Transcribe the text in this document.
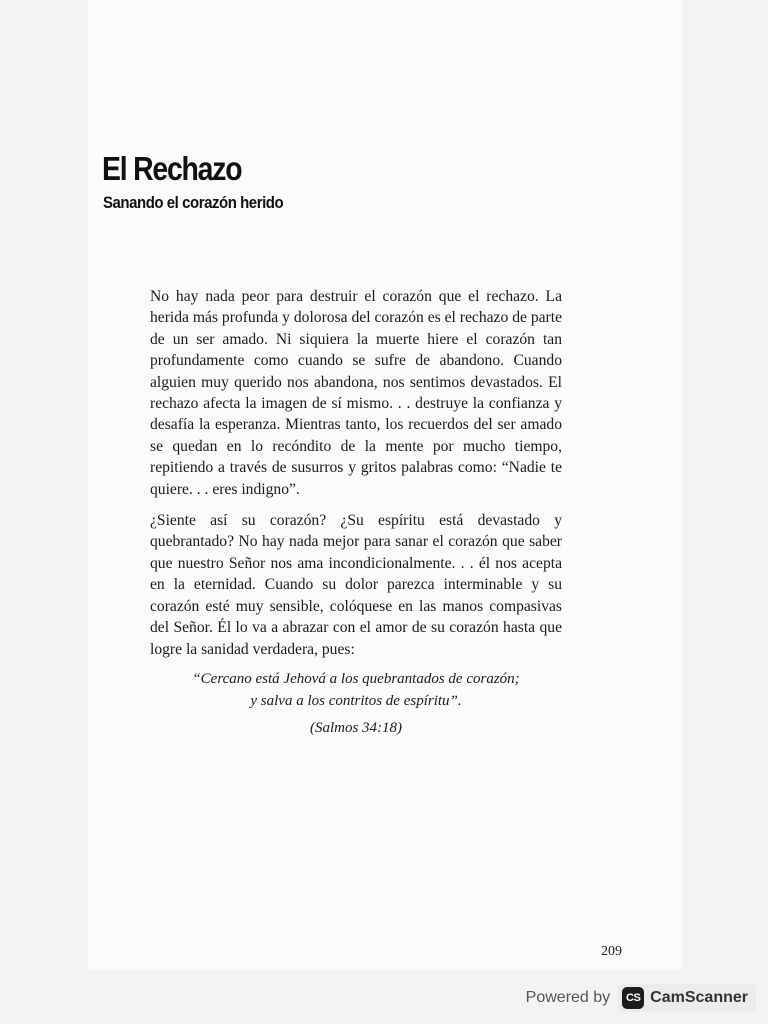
El Rechazo
Sanando el corazón herido

No hay nada peor para destruir el corazón que el rechazo. La herida más profunda y dolorosa del corazón es el rechazo de parte de un ser amado. Ni siquiera la muerte hiere el corazón tan profundamente como cuando se sufre de abandono. Cuando alguien muy querido nos abandona, nos sentimos devastados. El rechazo afecta la imagen de sí mismo. . . destruye la confianza y desafía la esperanza. Mientras tanto, los recuerdos del ser amado se quedan en lo recóndito de la mente por mucho tiempo, repitiendo a través de susurros y gritos palabras como: “Nadie te quiere. . . eres indigno”.

¿Siente así su corazón? ¿Su espíritu está devastado y quebrantado? No hay nada mejor para sanar el corazón que saber que nuestro Señor nos ama incondicionalmente. . . él nos acepta en la eternidad. Cuando su dolor parezca interminable y su corazón esté muy sensible, colóquese en las manos compasivas del Señor. Él lo va a abrazar con el amor de su corazón hasta que logre la sanidad verdadera, pues:

“Cercano está Jehová a los quebrantados de corazón;
y salva a los contritos de espíritu”.

(Salmos 34:18)

209
Powered by	CS CamScanner
